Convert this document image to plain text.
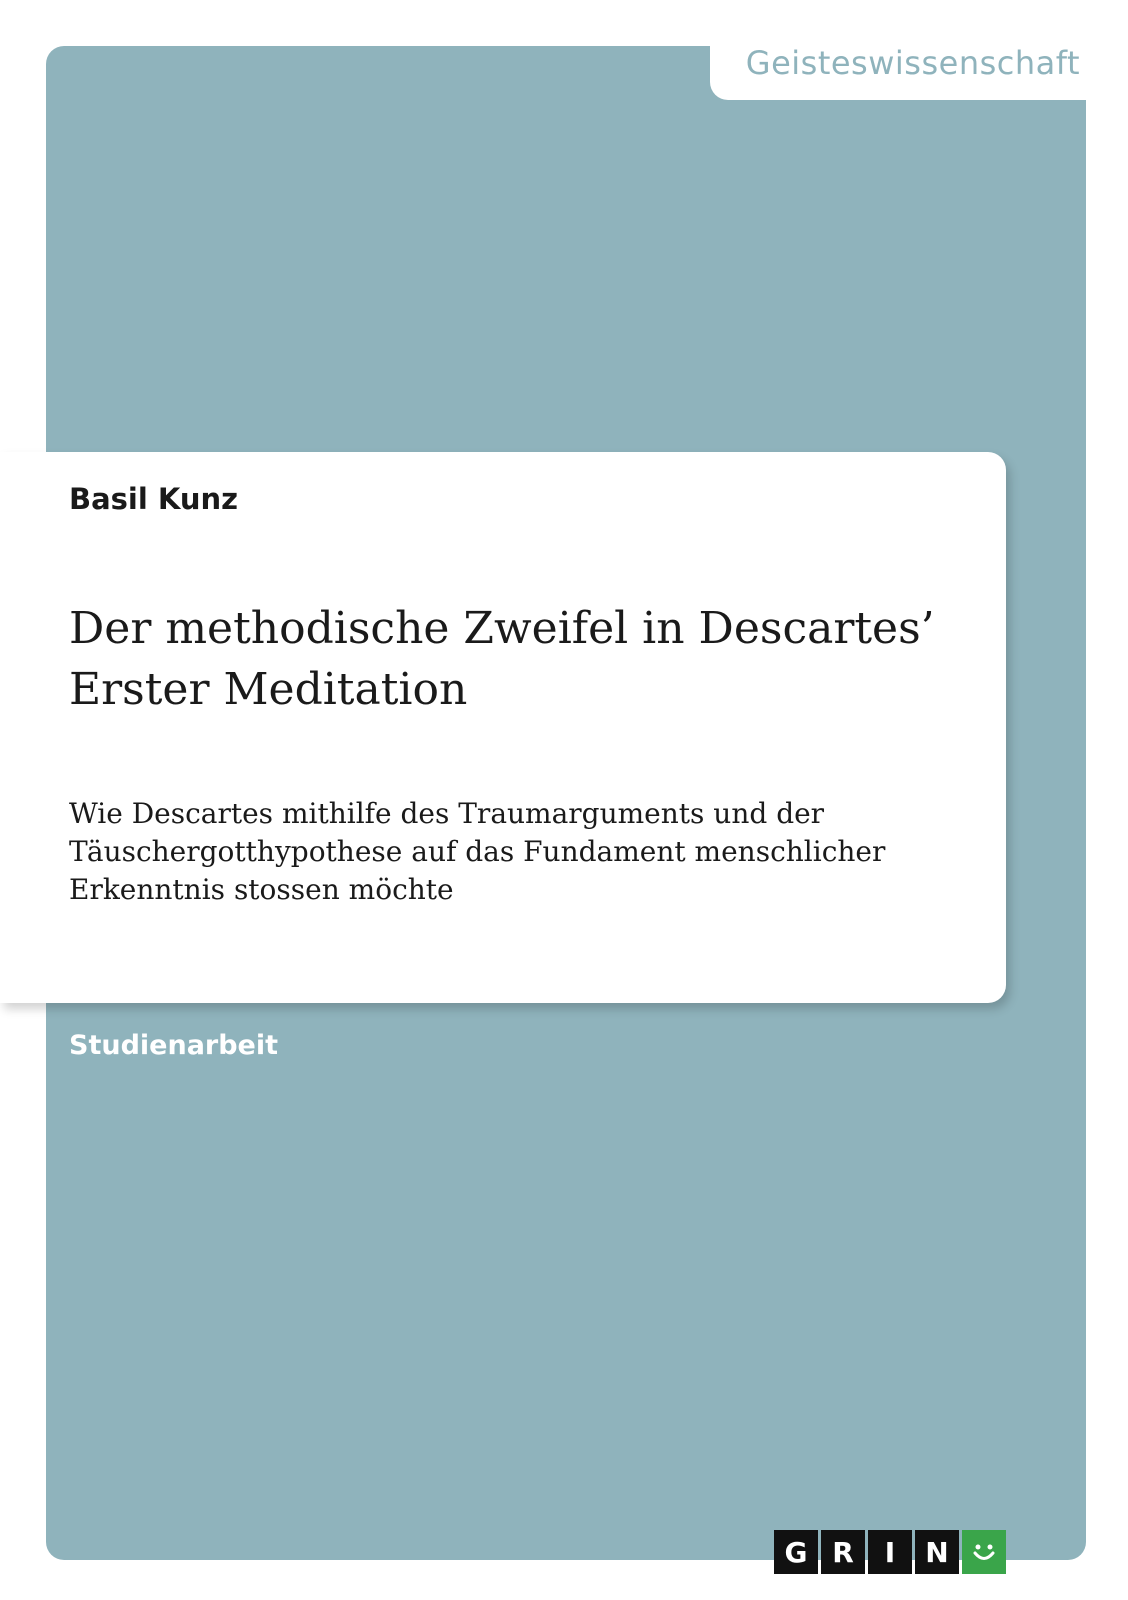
Geisteswissenschaft
Basil Kunz
Der methodische Zweifel in Descartes’ Erster Meditation
Wie Descartes mithilfe des Traumarguments und der Täuschergotthypothese auf das Fundament menschlicher Erkenntnis stossen möchte
Studienarbeit
G R	I	N
